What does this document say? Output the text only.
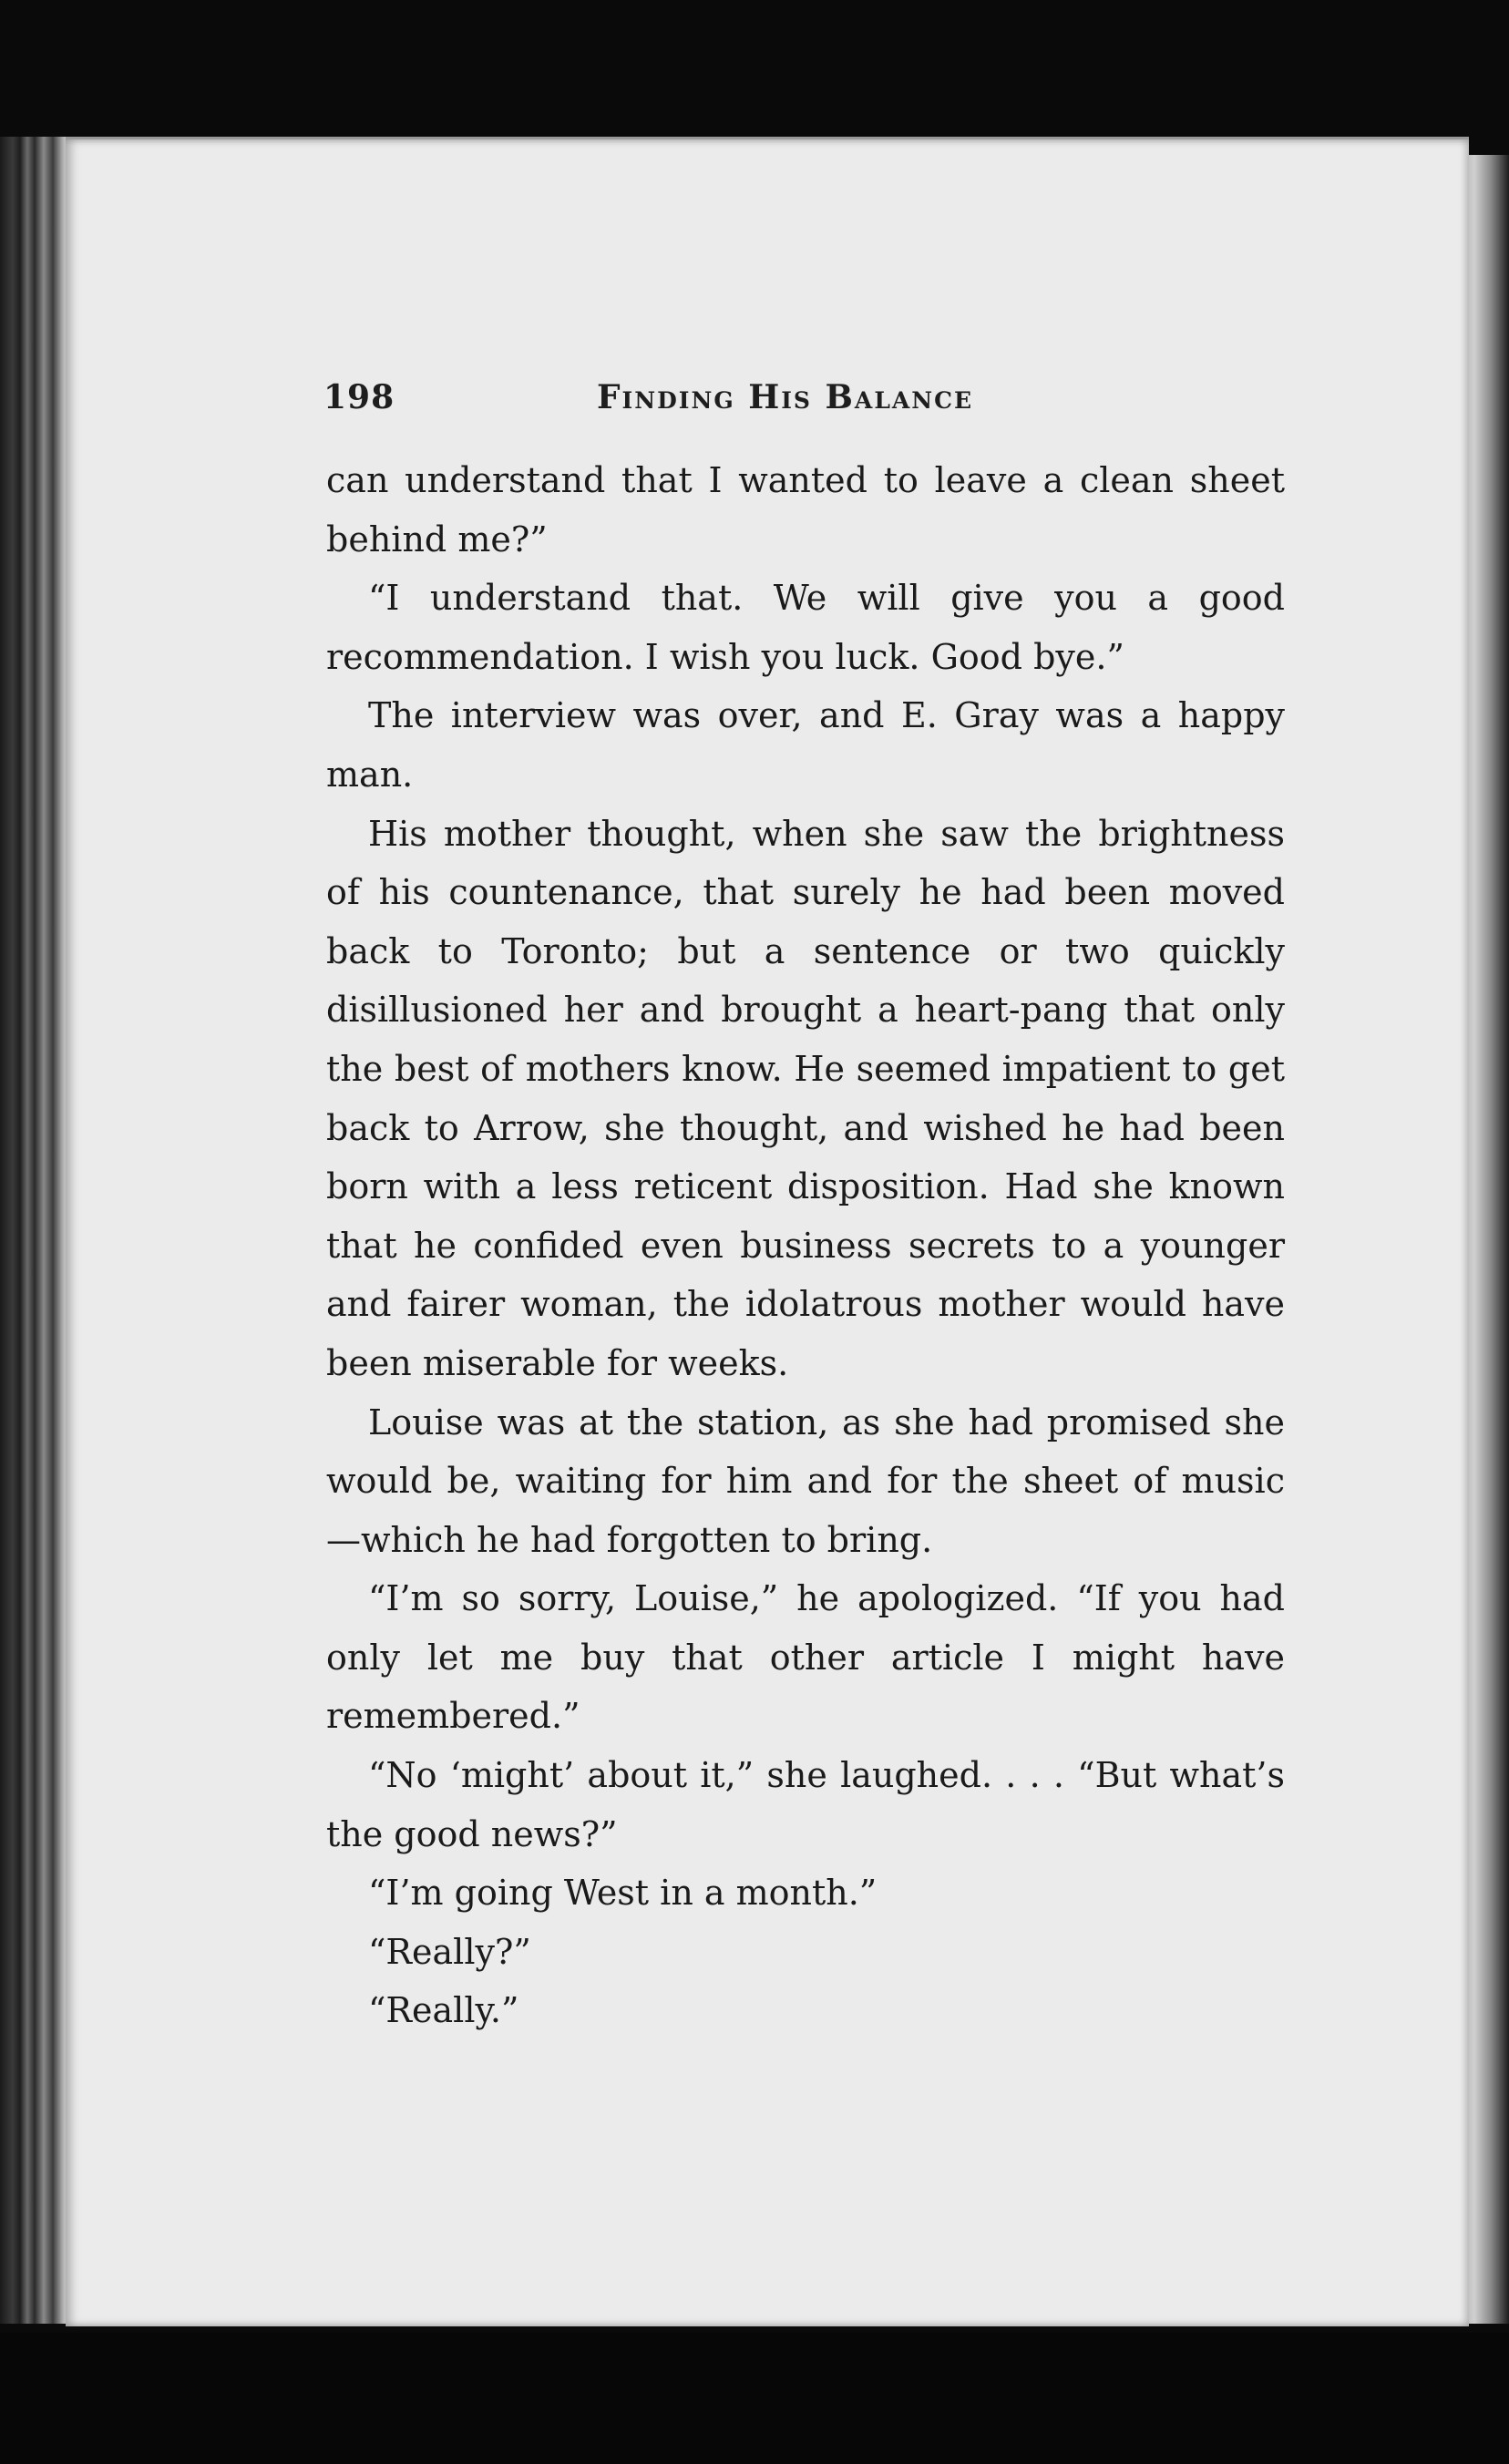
198	Finding His Balance

can understand that I wanted to leave a clean sheet behind me?”

“I understand that. We will give you a good recommendation. I wish you luck. Good bye.”

The interview was over, and E. Gray was a happy man.

His mother thought, when she saw the brightness of his countenance, that surely he had been moved back to Toronto; but a sentence or two quickly disillusioned her and brought a heart-pang that only the best of mothers know. He seemed impatient to get back to Arrow, she thought, and wished he had been born with a less reticent disposition. Had she known that he confided even business secrets to a younger and fairer woman, the idolatrous mother would have been miserable for weeks.

Louise was at the station, as she had promised she would be, waiting for him and for the sheet of music —which he had forgotten to bring.

“I’m so sorry, Louise,” he apologized. “If you had only let me buy that other article I might have remembered.”

“No ‘might’ about it,” she laughed. . . . “But what’s the good news?”

“I’m going West in a month.”

“Really?”

“Really.”
